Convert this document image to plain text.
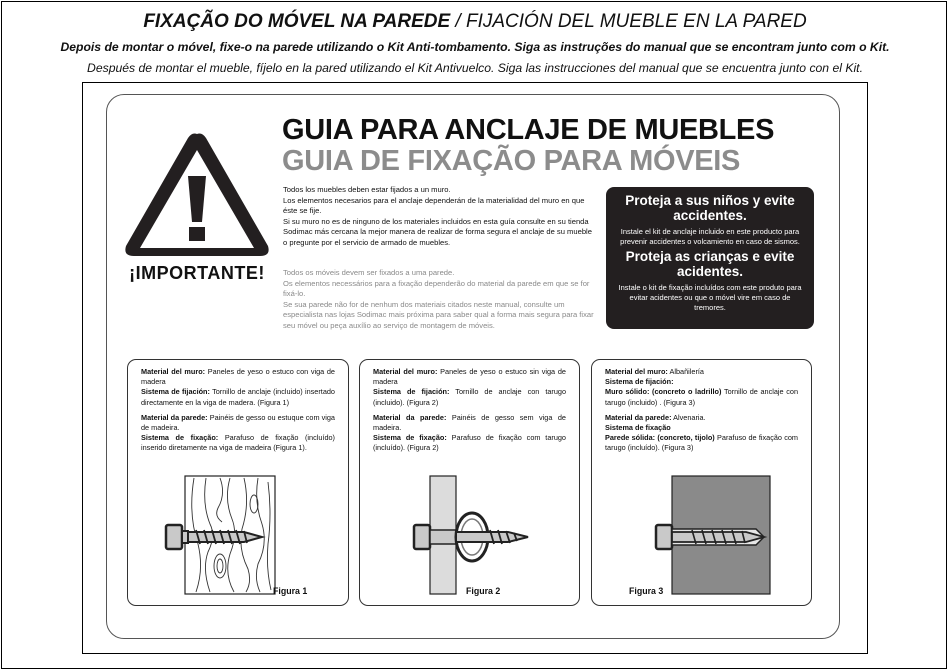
FIXAÇÃO DO MÓVEL NA PAREDE / FIJACIÓN DEL MUEBLE EN LA PARED
Depois de montar o móvel, fixe-o na parede utilizando o Kit Anti-tombamento. Siga as instruções do manual que se encontram junto com o Kit.
Después de montar el mueble, fíjelo en la pared utilizando el Kit Antivuelco. Siga las instrucciones del manual que se encuentra junto con el Kit.
¡IMPORTANTE!
GUIA PARA ANCLAJE DE MUEBLES
GUIA DE FIXAÇÃO PARA MÓVEIS

Todos los muebles deben estar fijados a un muro.

Los elementos necesarios para el anclaje dependerán de la materialidad del muro en que éste se fije.

Si su muro no es de ninguno de los materiales incluidos en esta guía consulte en su tienda Sodimac más cercana la mejor manera de realizar de forma segura el anclaje de su mueble o pregunte por el servicio de armado de muebles.

Todos os móveis devem ser fixados a uma parede.

Os elementos necessários para a fixação dependerão do material da parede em que se for fixá-lo.

Se sua parede não for de nenhum dos materiais citados neste manual, consulte um especialista nas lojas Sodimac mais próxima para saber qual a forma mais segura para fixar seu móvel ou peça auxílio ao serviço de montagem de móveis.

Proteja a sus niños y evite accidentes.

Instale el kit de anclaje incluido en este producto para prevenir accidentes o volcamiento en caso de sismos.

Proteja as crianças e evite acidentes.

Instale o kit de fixação incluídos com este produto para evitar acidentes ou que o móvel vire em caso de tremores.

Material del muro: Paneles de yeso o estuco con viga de madera

Sistema de fijación: Tornillo de anclaje (incluido) insertado directamente en la viga de madera. (Figura 1)

Material da parede: Painéis de gesso ou estuque com viga de madeira.

Sistema de fixação: Parafuso de fixação (incluído) inserido diretamente na viga de madeira (Figura 1).

Figura 1

Material del muro: Paneles de yeso o estuco sin viga de madera

Sistema de fijación: Tornillo de anclaje con tarugo (incluido). (Figura 2)

Material da parede: Painéis de gesso sem viga de madeira.

Sistema de fixação: Parafuso de fixação com tarugo (incluído). (Figura 2)

Figura 2

Material del muro: Albañilería

Sistema de fijación:

Muro sólido: (concreto o ladrillo) Tornillo de anclaje con tarugo (incluido) . (Figura 3)

Material da parede: Alvenaria.

Sistema de fixação

Parede sólida: (concreto, tijolo) Parafuso de fixação com tarugo (incluído). (Figura 3)

Figura 3
